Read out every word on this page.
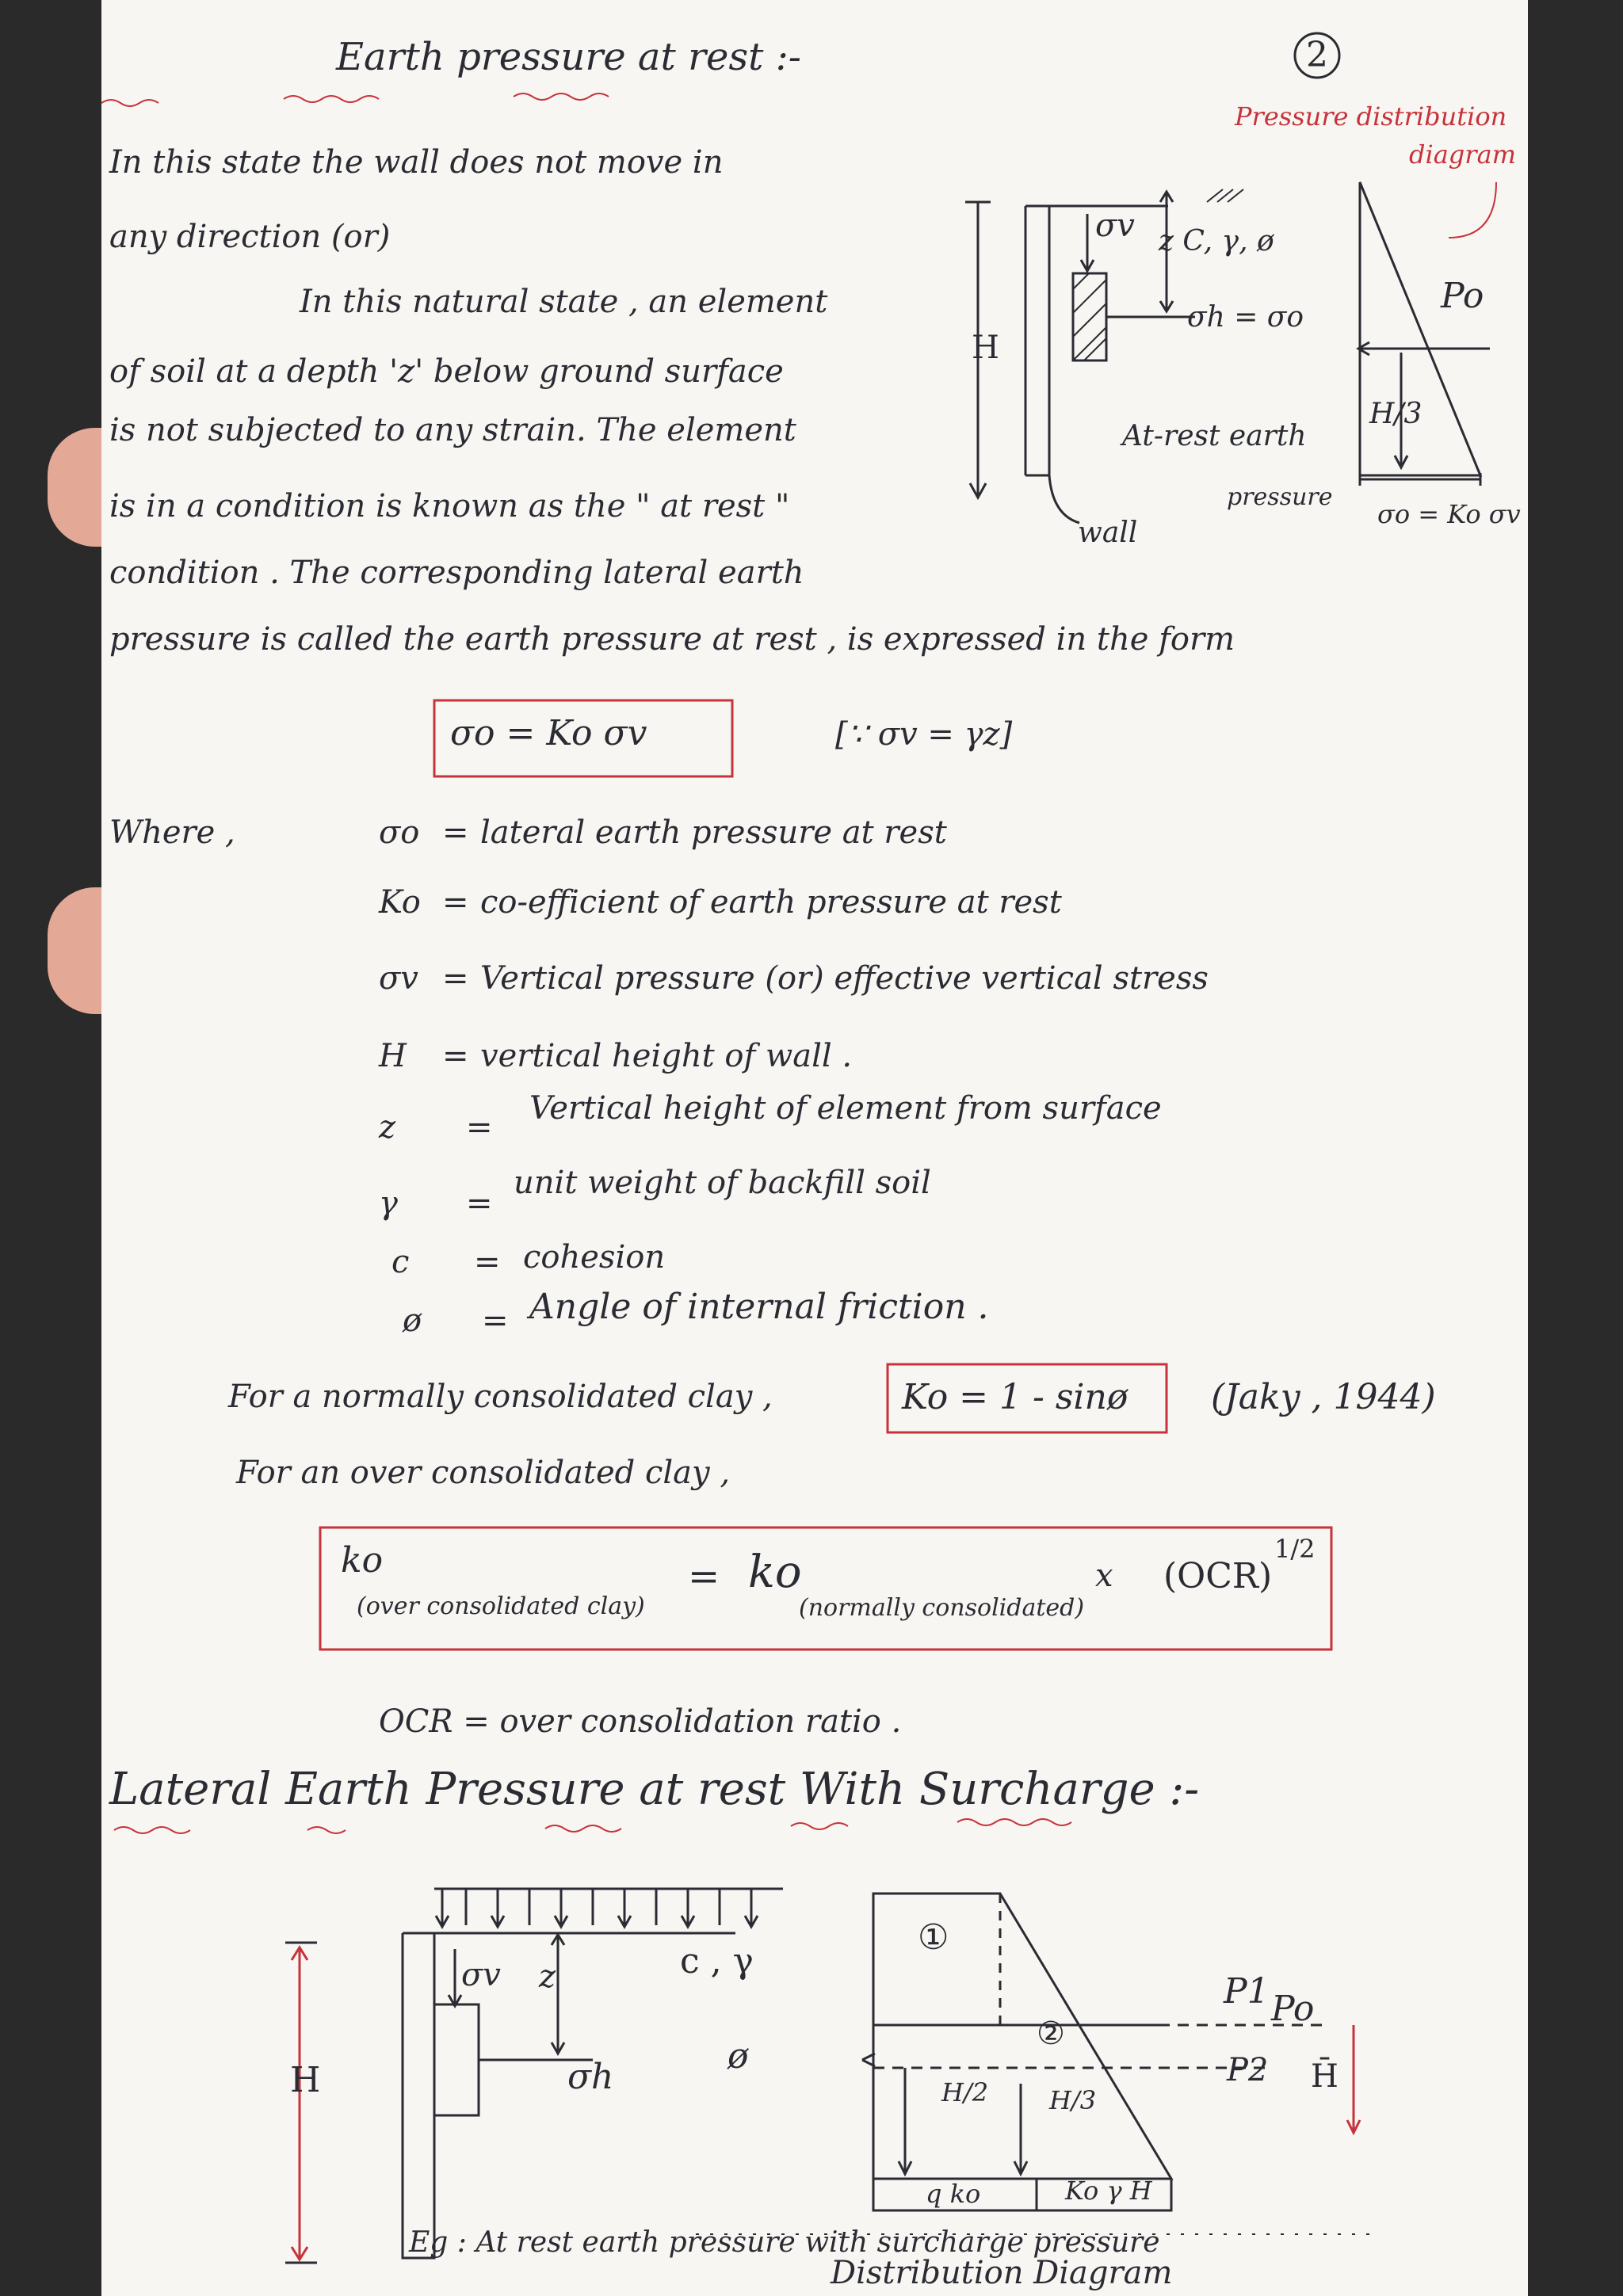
Earth pressure at rest :-	2
In this state the wall does not move in
any direction (or)
In this natural state , an element
of soil at a depth 'z' below ground surface
is not subjected to any strain. The element
is in a condition is known as the " at rest "
condition . The corresponding lateral earth
pressure is called the earth pressure at rest , is expressed in the form
σv z C, γ, ø
σh = σo
H
wall
At-rest earth
pressure
Pressure distribution
diagram
Po
H/3
σo = Ko σv
σo = Ko σv	[∵ σv = γz]
Where ,	σo = lateral earth pressure at rest
Ko = co-efficient of earth pressure at rest
σv = Vertical pressure (or) effective vertical stress
H = vertical height of wall .
z =
Vertical height of element from surface
γ =
unit weight of backfill soil
c = cohesion
ø = Angle of internal friction .
For a normally consolidated clay ,	Ko = 1 - sinø (Jaky , 1944)
For an over consolidated clay ,
ko
(over consolidated clay)
= ko
(normally consolidated)
x (OCR)
1/2
OCR = over consolidation ratio .
Lateral Earth Pressure at rest With Surcharge :-
σv z	c , γ
σh
ø
H
①
②
P1
P2
Po
H/2 H/3
H̄
q ko	Ko γ H
Eg : At rest earth pressure with surcharge pressure
Distribution Diagram
